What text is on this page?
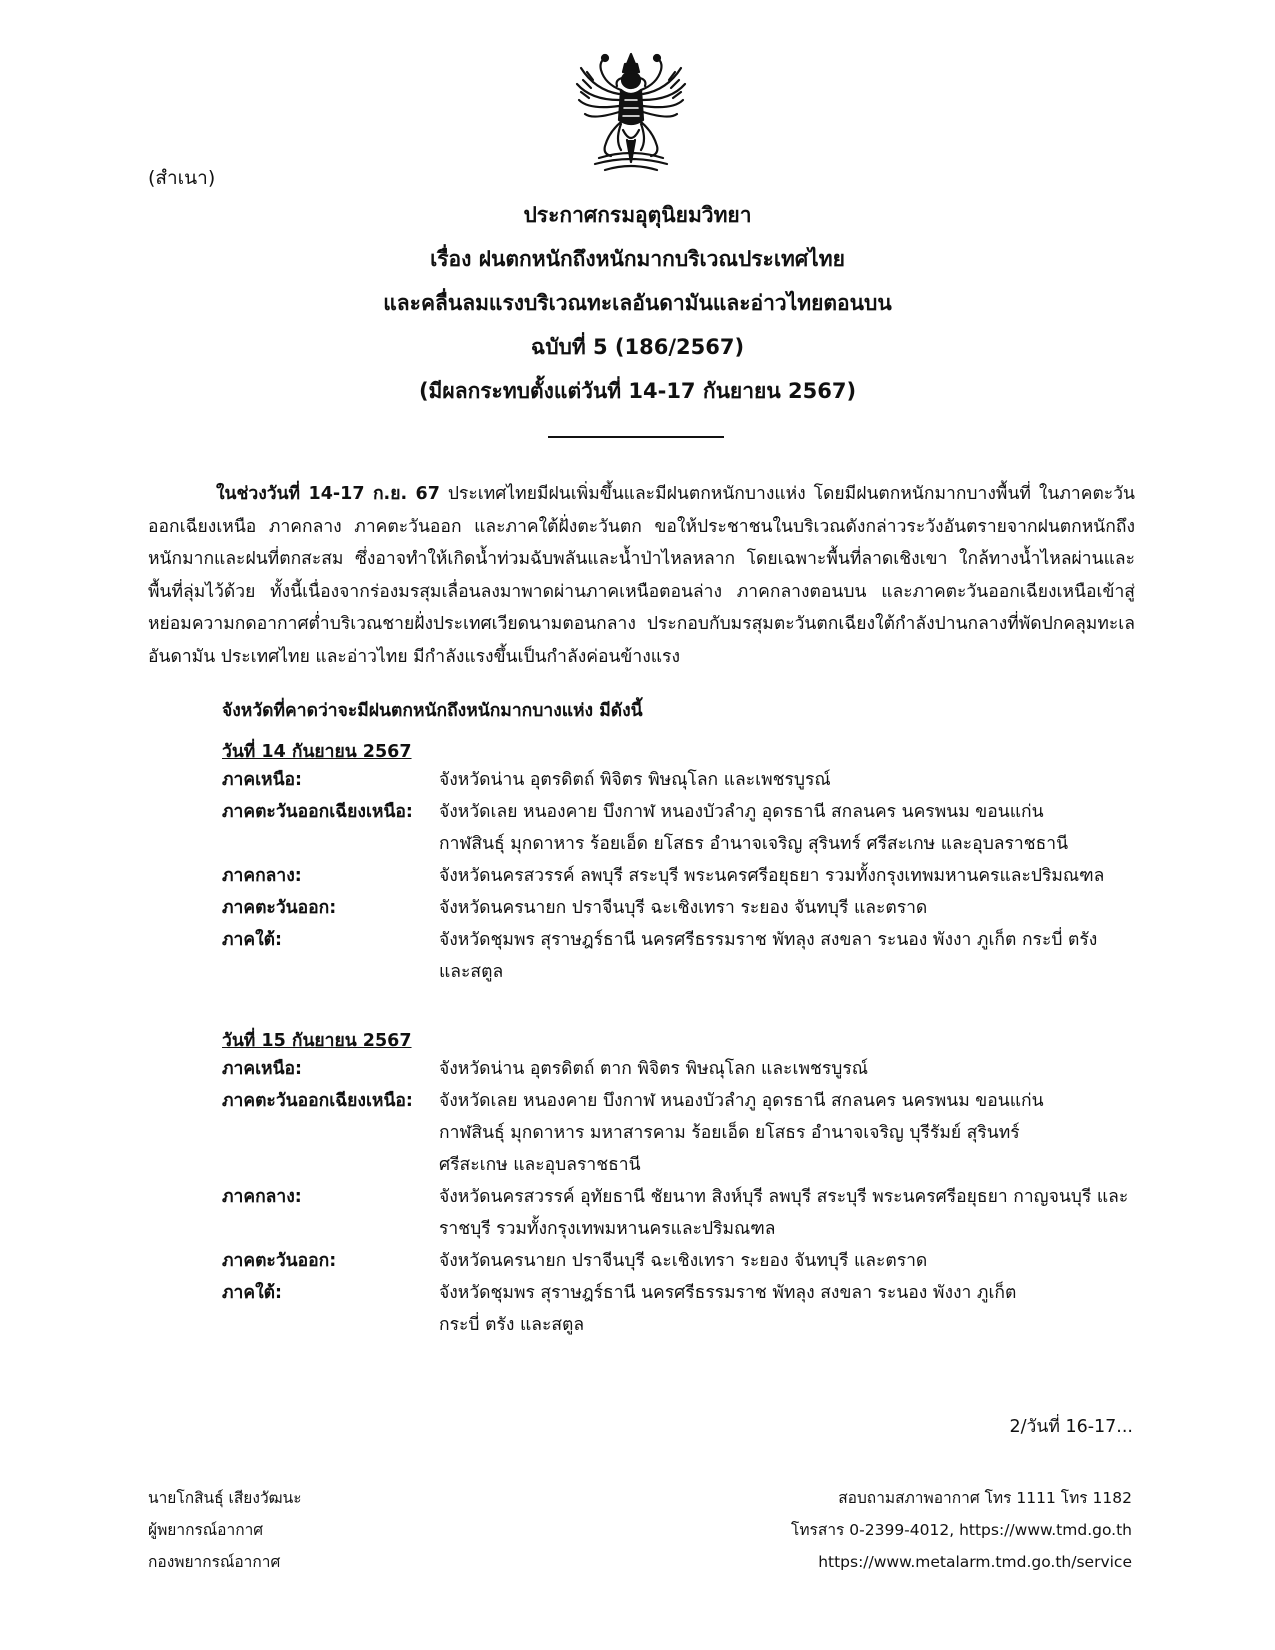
(สำเนา)
ประกาศกรมอุตุนิยมวิทยา
เรื่อง ฝนตกหนักถึงหนักมากบริเวณประเทศไทย
และคลื่นลมแรงบริเวณทะเลอันดามันและอ่าวไทยตอนบน
ฉบับที่ 5 (186/2567)
(มีผลกระทบตั้งแต่วันที่ 14-17 กันยายน 2567)

ในช่วงวันที่ 14-17 ก.ย. 67 ประเทศไทยมีฝนเพิ่มขึ้นและมีฝนตกหนักบางแห่ง โดยมีฝนตกหนักมากบางพื้นที่ ในภาคตะวันออกเฉียงเหนือ ภาคกลาง ภาคตะวันออก และภาคใต้ฝั่งตะวันตก ขอให้ประชาชนในบริเวณดังกล่าวระวังอันตรายจากฝนตกหนักถึงหนักมากและฝนที่ตกสะสม ซึ่งอาจทำให้เกิดน้ำท่วมฉับพลันและน้ำป่าไหลหลาก โดยเฉพาะพื้นที่ลาดเชิงเขา ใกล้ทางน้ำไหลผ่านและพื้นที่ลุ่มไว้ด้วย ทั้งนี้เนื่องจากร่องมรสุมเลื่อนลงมาพาดผ่านภาคเหนือตอนล่าง ภาคกลางตอนบน และภาคตะวันออกเฉียงเหนือเข้าสู่หย่อมความกดอากาศต่ำบริเวณชายฝั่งประเทศเวียดนามตอนกลาง ประกอบกับมรสุมตะวันตกเฉียงใต้กำลังปานกลางที่พัดปกคลุมทะเลอันดามัน ประเทศไทย และอ่าวไทย มีกำลังแรงขึ้นเป็นกำลังค่อนข้างแรง

จังหวัดที่คาดว่าจะมีฝนตกหนักถึงหนักมากบางแห่ง มีดังนี้
วันที่ 14 กันยายน 2567
ภาคเหนือ:	จังหวัดน่าน อุตรดิตถ์ พิจิตร พิษณุโลก และเพชรบูรณ์
ภาคตะวันออกเฉียงเหนือ: จังหวัดเลย หนองคาย บึงกาฬ หนองบัวลำภู อุดรธานี สกลนคร นครพนม ขอนแก่น กาฬสินธุ์ มุกดาหาร ร้อยเอ็ด ยโสธร อำนาจเจริญ สุรินทร์ ศรีสะเกษ และอุบลราชธานี
ภาคกลาง:	จังหวัดนครสวรรค์ ลพบุรี สระบุรี พระนครศรีอยุธยา รวมทั้งกรุงเทพมหานครและปริมณฑล
ภาคตะวันออก:	จังหวัดนครนายก ปราจีนบุรี ฉะเชิงเทรา ระยอง จันทบุรี และตราด
ภาคใต้:	จังหวัดชุมพร สุราษฎร์ธานี นครศรีธรรมราช พัทลุง สงขลา ระนอง พังงา ภูเก็ต กระบี่ ตรัง และสตูล
วันที่ 15 กันยายน 2567
ภาคเหนือ:	จังหวัดน่าน อุตรดิตถ์ ตาก พิจิตร พิษณุโลก และเพชรบูรณ์
ภาคตะวันออกเฉียงเหนือ: จังหวัดเลย หนองคาย บึงกาฬ หนองบัวลำภู อุดรธานี สกลนคร นครพนม ขอนแก่น กาฬสินธุ์ มุกดาหาร มหาสารคาม ร้อยเอ็ด ยโสธร อำนาจเจริญ บุรีรัมย์ สุรินทร์ ศรีสะเกษ และอุบลราชธานี
ภาคกลาง:	จังหวัดนครสวรรค์ อุทัยธานี ชัยนาท สิงห์บุรี ลพบุรี สระบุรี พระนครศรีอยุธยา กาญจนบุรี และราชบุรี รวมทั้งกรุงเทพมหานครและปริมณฑล
ภาคตะวันออก:	จังหวัดนครนายก ปราจีนบุรี ฉะเชิงเทรา ระยอง จันทบุรี และตราด
ภาคใต้:	จังหวัดชุมพร สุราษฎร์ธานี นครศรีธรรมราช พัทลุง สงขลา ระนอง พังงา ภูเก็ต กระบี่ ตรัง และสตูล
2/วันที่ 16-17...
นายโกสินธุ์ เสียงวัฒนะ
ผู้พยากรณ์อากาศ
กองพยากรณ์อากาศ
สอบถามสภาพอากาศ โทร 1111 โทร 1182
โทรสาร 0-2399-4012, https://www.tmd.go.th
https://www.metalarm.tmd.go.th/service
